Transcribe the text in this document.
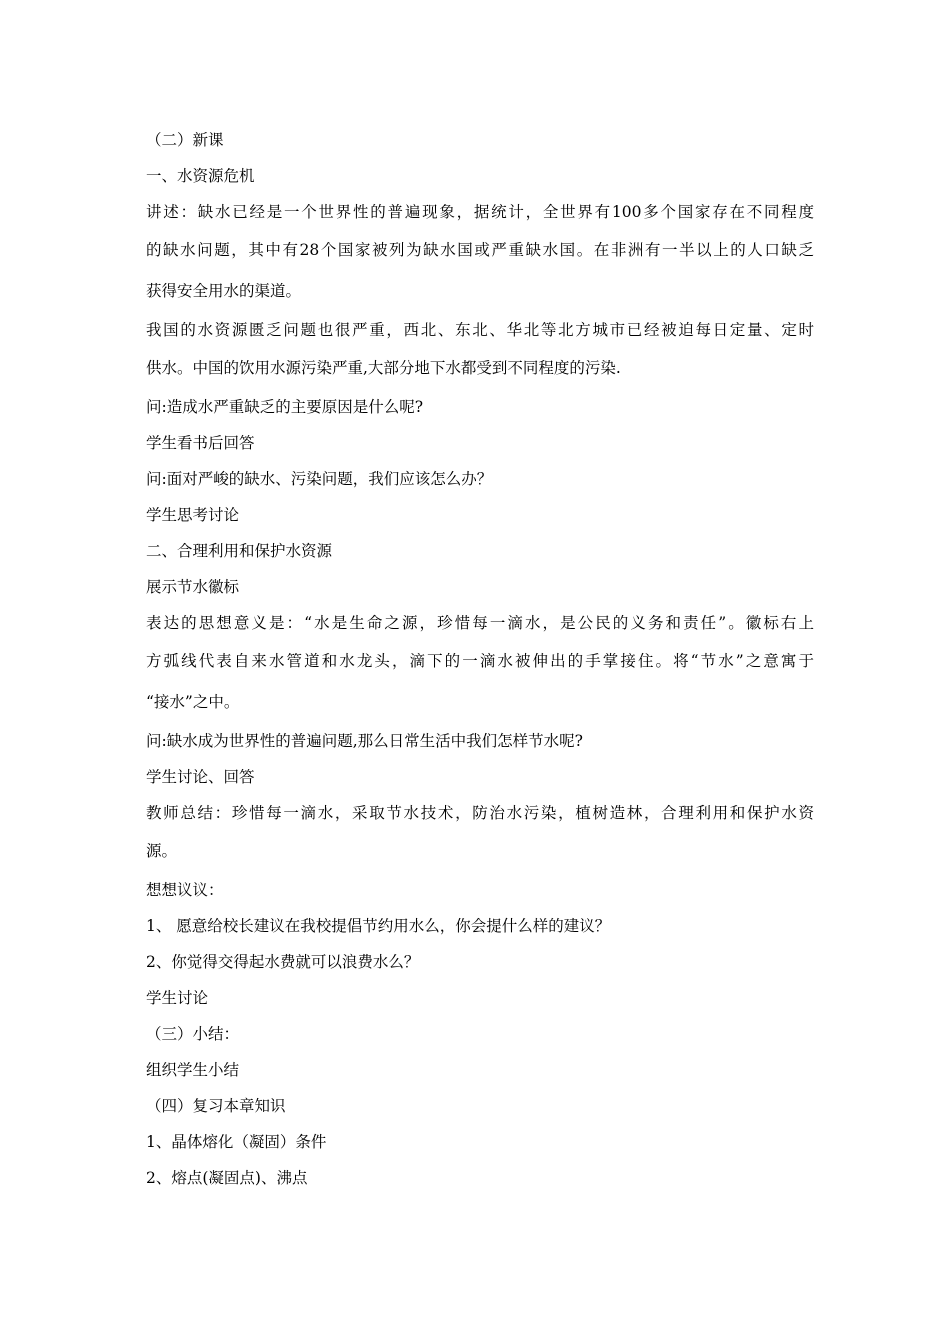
（二）新课

一、水资源危机

讲述：缺水已经是一个世界性的普遍现象，据统计，全世界有100多个国家存在不同程度

的缺水问题，其中有28个国家被列为缺水国或严重缺水国。在非洲有一半以上的人口缺乏

获得安全用水的渠道。

我国的水资源匮乏问题也很严重，西北、东北、华北等北方城市已经被迫每日定量、定时

供水。中国的饮用水源污染严重,大部分地下水都受到不同程度的污染.

问:造成水严重缺乏的主要原因是什么呢?

学生看书后回答

问:面对严峻的缺水、污染问题，我们应该怎么办？

学生思考讨论

二、合理利用和保护水资源

展示节水徽标

表达的思想意义是：“水是生命之源，珍惜每一滴水，是公民的义务和责任”。徽标右上

方弧线代表自来水管道和水龙头，滴下的一滴水被伸出的手掌接住。将“节水”之意寓于

“接水”之中。

问:缺水成为世界性的普遍问题,那么日常生活中我们怎样节水呢?

学生讨论、回答

教师总结：珍惜每一滴水，采取节水技术，防治水污染，植树造林，合理利用和保护水资

源。

想想议议：

1、 愿意给校长建议在我校提倡节约用水么，你会提什么样的建议？

2、你觉得交得起水费就可以浪费水么？

学生讨论

（三）小结：

组织学生小结

（四）复习本章知识

1、晶体熔化（凝固）条件

2、熔点(凝固点)、沸点
